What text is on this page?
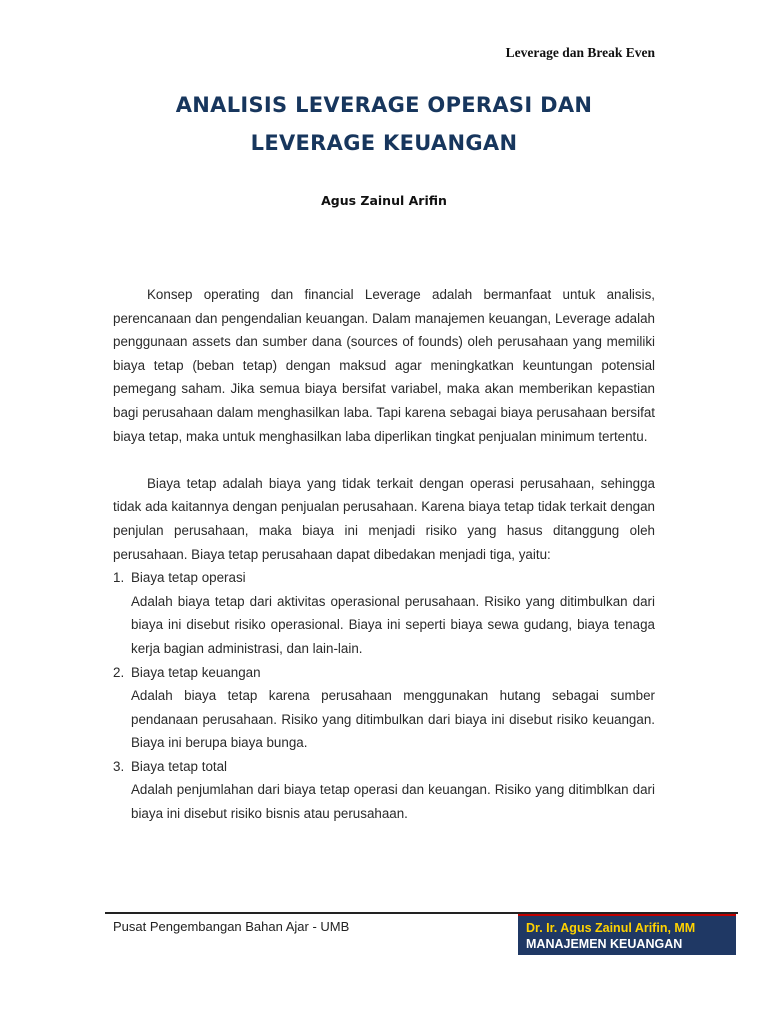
Leverage dan Break Even
ANALISIS LEVERAGE OPERASI DAN
LEVERAGE KEUANGAN
Agus Zainul Arifin

Konsep operating dan financial Leverage adalah bermanfaat untuk analisis, perencanaan dan pengendalian keuangan. Dalam manajemen keuangan, Leverage adalah penggunaan assets dan sumber dana (sources of founds) oleh perusahaan yang memiliki biaya tetap (beban tetap) dengan maksud agar meningkatkan keuntungan potensial pemegang saham. Jika semua biaya bersifat variabel, maka akan memberikan kepastian bagi perusahaan dalam menghasilkan laba. Tapi karena sebagai biaya perusahaan bersifat biaya tetap, maka untuk menghasilkan laba diperlikan tingkat penjualan minimum tertentu.

Biaya tetap adalah biaya yang tidak terkait dengan operasi perusahaan, sehingga tidak ada kaitannya dengan penjualan perusahaan. Karena biaya tetap tidak terkait dengan penjulan perusahaan, maka biaya ini menjadi risiko yang hasus ditanggung oleh perusahaan. Biaya tetap perusahaan dapat dibedakan menjadi tiga, yaitu:

1. Biaya tetap operasi

Adalah biaya tetap dari aktivitas operasional perusahaan. Risiko yang ditimbulkan dari biaya ini disebut risiko operasional. Biaya ini seperti biaya sewa gudang, biaya tenaga kerja bagian administrasi, dan lain-lain.

2. Biaya tetap keuangan

Adalah biaya tetap karena perusahaan menggunakan hutang sebagai sumber pendanaan perusahaan. Risiko yang ditimbulkan dari biaya ini disebut risiko keuangan. Biaya ini berupa biaya bunga.

3. Biaya tetap total

Adalah penjumlahan dari biaya tetap operasi dan keuangan. Risiko yang ditimblkan dari biaya ini disebut risiko bisnis atau perusahaan.

Pusat Pengembangan Bahan Ajar - UMB	Dr. Ir. Agus Zainul Arifin, MM
MANAJEMEN KEUANGAN
